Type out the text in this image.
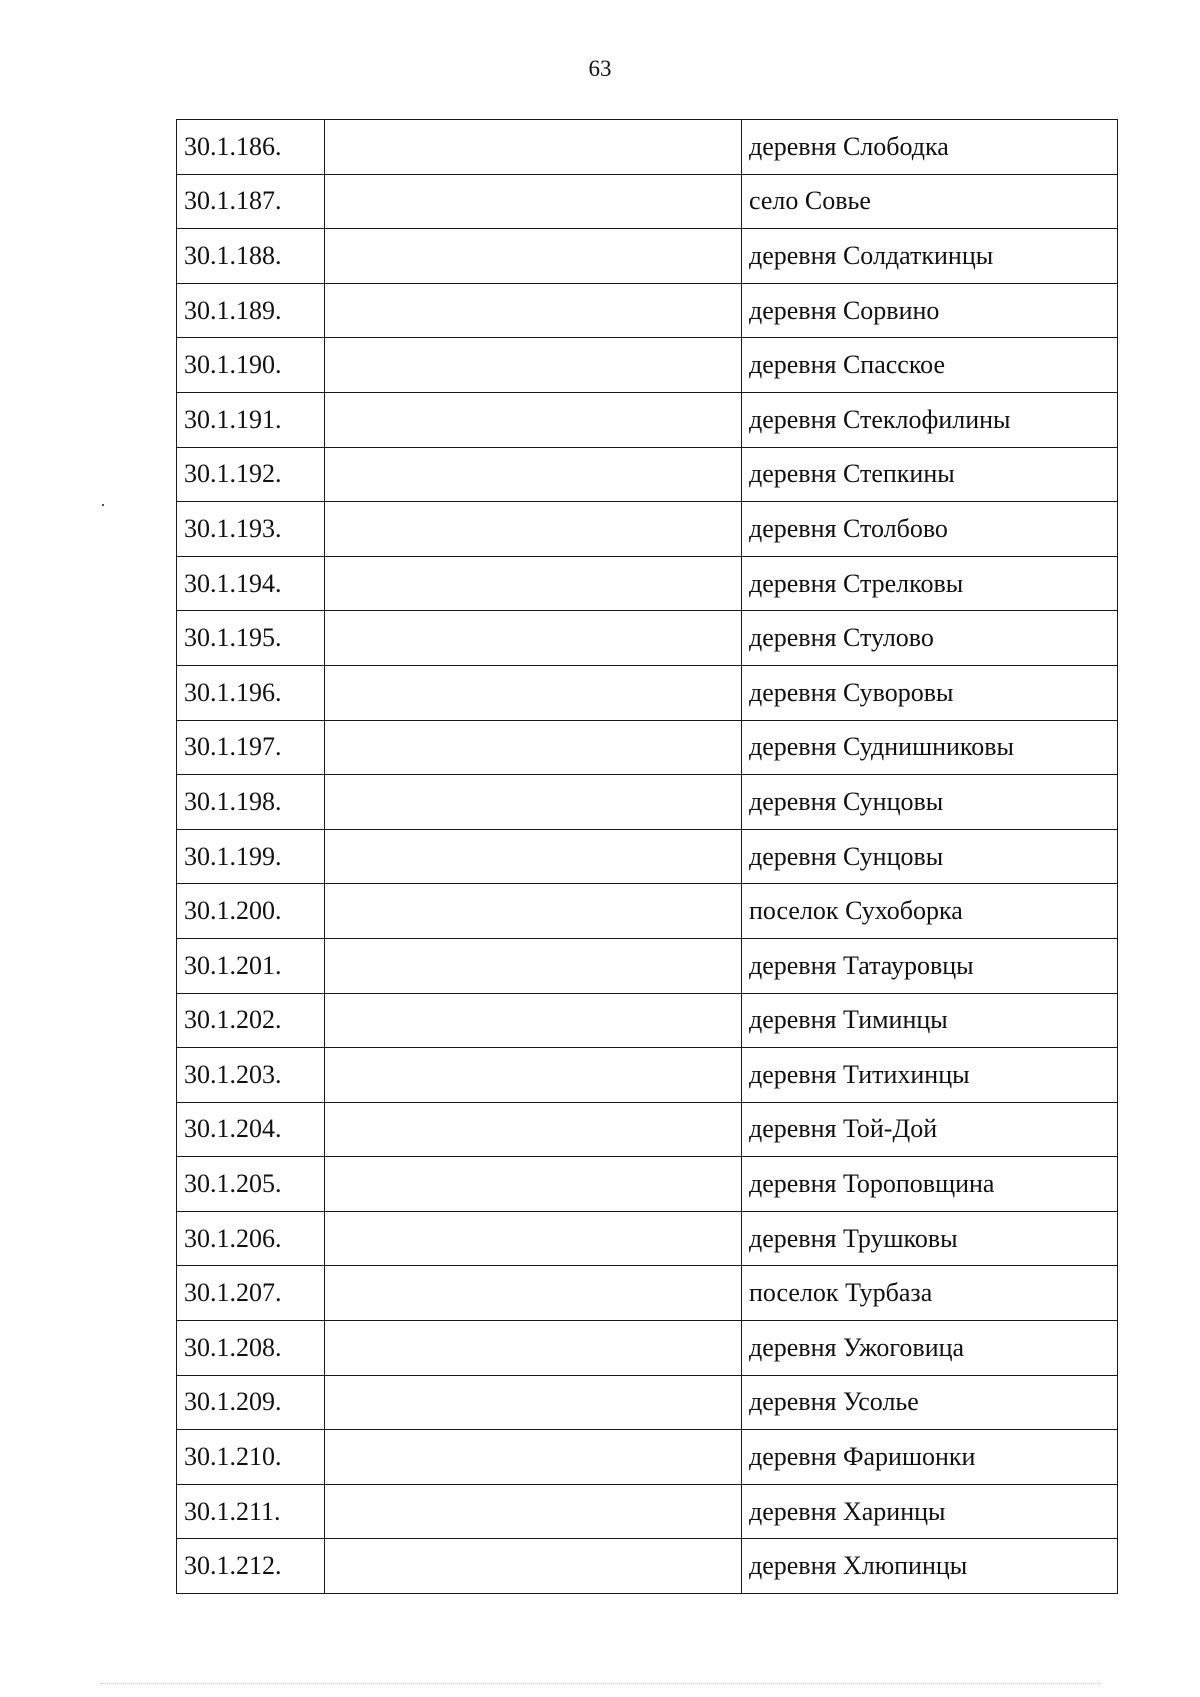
63
30.1.186.		деревня Слободка
30.1.187.		село Совье
30.1.188.		деревня Солдаткинцы
30.1.189.		деревня Сорвино
30.1.190.		деревня Спасское
30.1.191.		деревня Стеклофилины
30.1.192.		деревня Степкины
30.1.193.		деревня Столбово
30.1.194.		деревня Стрелковы
30.1.195.		деревня Стулово
30.1.196.		деревня Суворовы
30.1.197.		деревня Суднишниковы
30.1.198.		деревня Сунцовы
30.1.199.		деревня Сунцовы
30.1.200.		поселок Сухоборка
30.1.201.		деревня Татауровцы
30.1.202.		деревня Тиминцы
30.1.203.		деревня Титихинцы
30.1.204.		деревня Той-Дой
30.1.205.		деревня Тороповщина
30.1.206.		деревня Трушковы
30.1.207.		поселок Турбаза
30.1.208.		деревня Ужоговица
30.1.209.		деревня Усолье
30.1.210.		деревня Фаришонки
30.1.211.		деревня Харинцы
30.1.212.		деревня Хлюпинцы
